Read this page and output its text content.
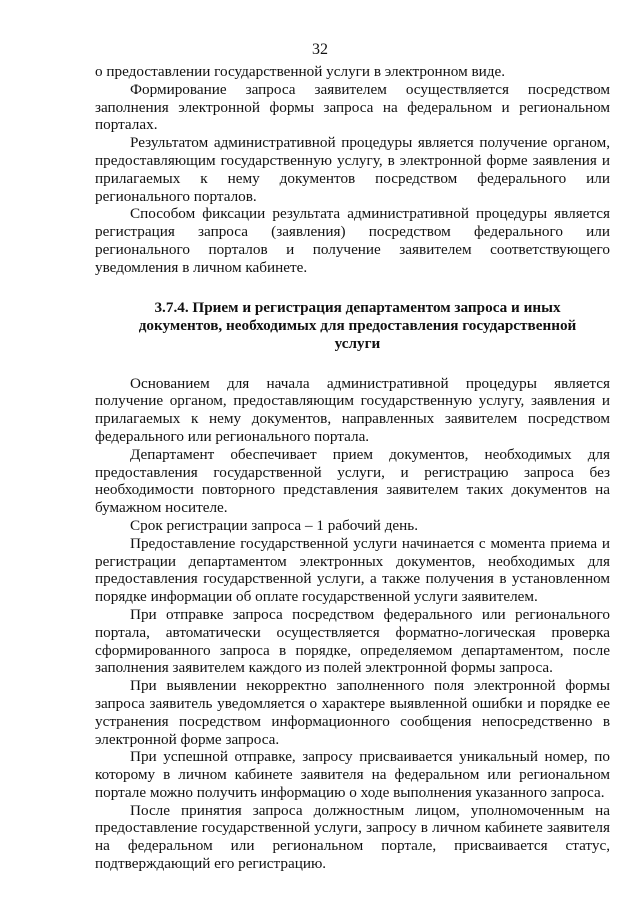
32

о предоставлении государственной услуги в электронном виде.

Формирование запроса заявителем осуществляется посредством заполнения электронной формы запроса на федеральном и региональном порталах.

Результатом административной процедуры является получение органом, предоставляющим государственную услугу, в электронной форме заявления и прилагаемых к нему документов посредством федерального или регионального порталов.

Способом фиксации результата административной процедуры является регистрация запроса (заявления) посредством федерального или регионального порталов и получение заявителем соответствующего уведомления в личном кабинете.

3.7.4. Прием и регистрация департаментом запроса и иных документов, необходимых для предоставления государственной услуги

Основанием для начала административной процедуры является получение органом, предоставляющим государственную услугу, заявления и прилагаемых к нему документов, направленных заявителем посредством федерального или регионального портала.

Департамент обеспечивает прием документов, необходимых для предоставления государственной услуги, и регистрацию запроса без необходимости повторного представления заявителем таких документов на бумажном носителе.

Срок регистрации запроса – 1 рабочий день.

Предоставление государственной услуги начинается с момента приема и регистрации департаментом электронных документов, необходимых для предоставления государственной услуги, а также получения в установленном порядке информации об оплате государственной услуги заявителем.

При отправке запроса посредством федерального или регионального портала, автоматически осуществляется форматно-логическая проверка сформированного запроса в порядке, определяемом департаментом, после заполнения заявителем каждого из полей электронной формы запроса.

При выявлении некорректно заполненного поля электронной формы запроса заявитель уведомляется о характере выявленной ошибки и порядке ее устранения посредством информационного сообщения непосредственно в электронной форме запроса.

При успешной отправке, запросу присваивается уникальный номер, по которому в личном кабинете заявителя на федеральном или региональном портале можно получить информацию о ходе выполнения указанного запроса.

После принятия запроса должностным лицом, уполномоченным на предоставление государственной услуги, запросу в личном кабинете заявителя на федеральном или региональном портале, присваивается статус, подтверждающий его регистрацию.
